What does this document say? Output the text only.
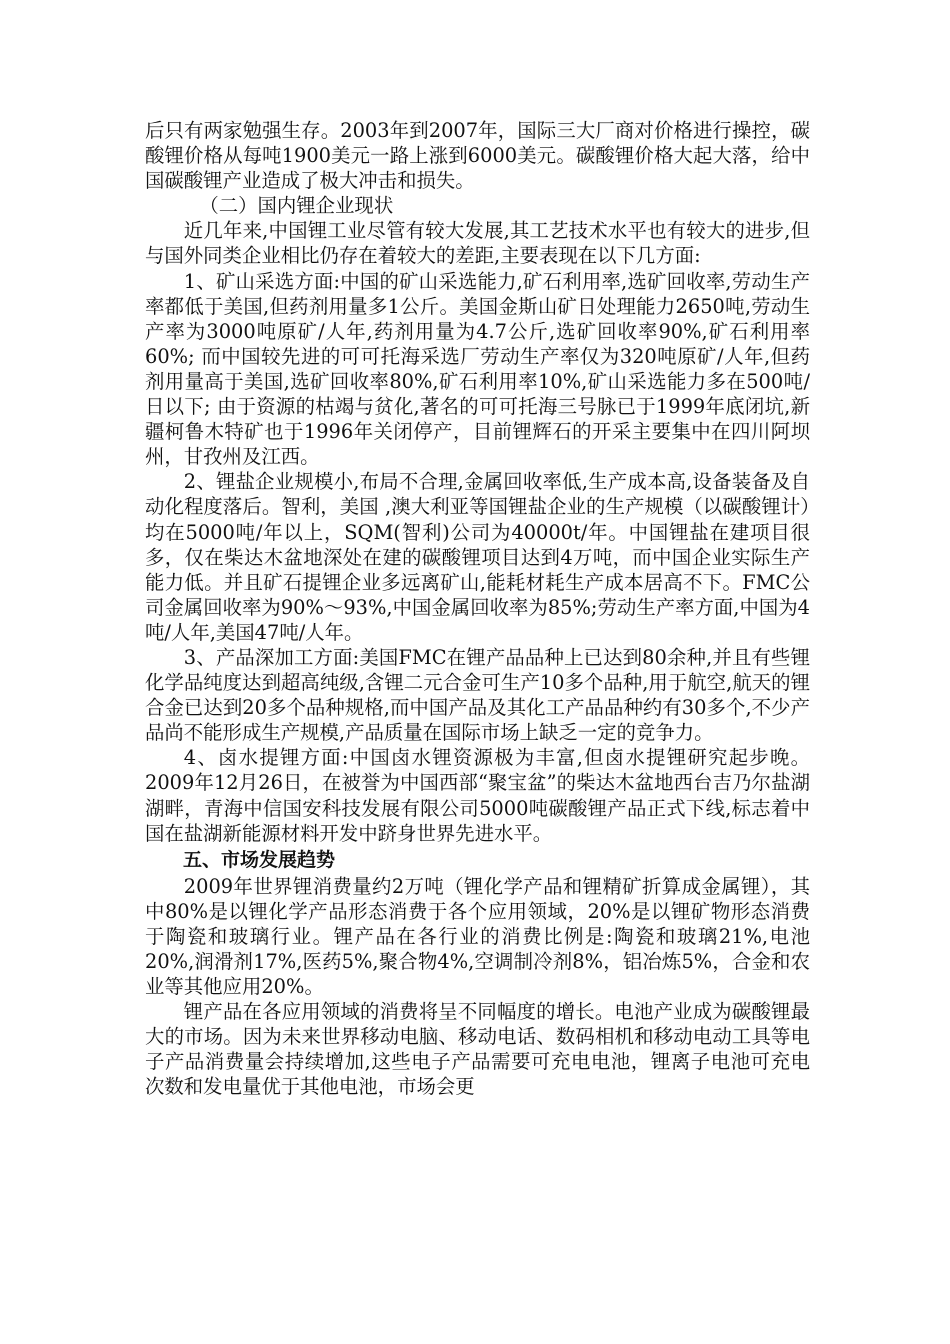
后只有两家勉强生存。2003年到2007年，国际三大厂商对价格进行操控，碳酸锂价格从每吨1900美元一路上涨到6000美元。碳酸锂价格大起大落，给中国碳酸锂产业造成了极大冲击和损失。

（二）国内锂企业现状

近几年来,中国锂工业尽管有较大发展,其工艺技术水平也有较大的进步,但与国外同类企业相比仍存在着较大的差距,主要表现在以下几方面:

1、矿山采选方面:中国的矿山采选能力,矿石利用率,选矿回收率,劳动生产率都低于美国,但药剂用量多1公斤。美国金斯山矿日处理能力2650吨,劳动生产率为3000吨原矿/人年,药剂用量为4.7公斤,选矿回收率90%,矿石利用率60%; 而中国较先进的可可托海采选厂劳动生产率仅为320吨原矿/人年,但药剂用量高于美国,选矿回收率80%,矿石利用率10%,矿山采选能力多在500吨/日以下; 由于资源的枯竭与贫化,著名的可可托海三号脉已于1999年底闭坑,新疆柯鲁木特矿也于1996年关闭停产，目前锂辉石的开采主要集中在四川阿坝州，甘孜州及江西。

2、锂盐企业规模小,布局不合理,金属回收率低,生产成本高,设备装备及自动化程度落后。智利，美国 ,澳大利亚等国锂盐企业的生产规模（以碳酸锂计）均在5000吨/年以上，SQM(智利)公司为40000t/年。中国锂盐在建项目很多，仅在柴达木盆地深处在建的碳酸锂项目达到4万吨，而中国企业实际生产能力低。并且矿石提锂企业多远离矿山,能耗材耗生产成本居高不下。FMC公司金属回收率为90%～93%,中国金属回收率为85%;劳动生产率方面,中国为4吨/人年,美国47吨/人年。

3、产品深加工方面:美国FMC在锂产品品种上已达到80余种,并且有些锂化学品纯度达到超高纯级,含锂二元合金可生产10多个品种,用于航空,航天的锂合金已达到20多个品种规格,而中国产品及其化工产品品种约有30多个,不少产品尚不能形成生产规模,产品质量在国际市场上缺乏一定的竞争力。

4、卤水提锂方面:中国卤水锂资源极为丰富,但卤水提锂研究起步晚。2009年12月26日，在被誉为中国西部“聚宝盆”的柴达木盆地西台吉乃尔盐湖湖畔，青海中信国安科技发展有限公司5000吨碳酸锂产品正式下线,标志着中国在盐湖新能源材料开发中跻身世界先进水平。

五、市场发展趋势

2009年世界锂消费量约2万吨（锂化学产品和锂精矿折算成金属锂），其中80%是以锂化学产品形态消费于各个应用领域，20%是以锂矿物形态消费于陶瓷和玻璃行业。锂产品在各行业的消费比例是:陶瓷和玻璃21%,电池20%,润滑剂17%,医药5%,聚合物4%,空调制冷剂8%，铝冶炼5%，合金和农业等其他应用20%。

锂产品在各应用领域的消费将呈不同幅度的增长。电池产业成为碳酸锂最大的市场。因为未来世界移动电脑、移动电话、数码相机和移动电动工具等电子产品消费量会持续增加,这些电子产品需要可充电电池，锂离子电池可充电次数和发电量优于其他电池，市场会更
